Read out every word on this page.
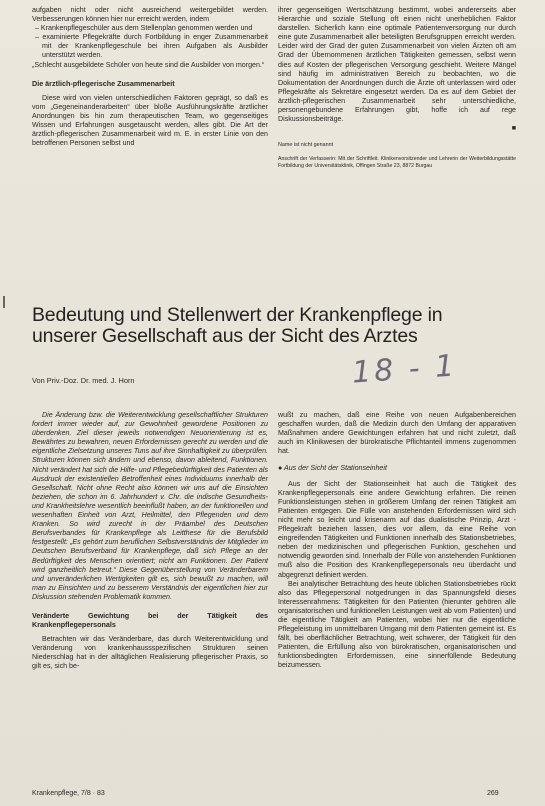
aufgaben nicht oder nicht ausreichend weitergebildet werden. Verbesserungen können hier nur erreicht werden, indem

– Krankenpflegeschüler aus dem Stellenplan genommen werden und

– examinierte Pflegekräfte durch Fortbildung in enger Zusammenarbeit mit der Krankenpflegeschule bei ihren Aufgaben als Ausbilder unterstützt werden.

„Schlecht ausgebildete Schüler von heute sind die Ausbilder von morgen.“

Die ärztlich-pflegerische Zusammenarbeit

Diese wird von vielen unterschiedlichen Faktoren geprägt, so daß es vom „Gegeneinanderarbeiten“ über bloße Ausführungskräfte ärztlicher Anordnungen bis hin zum therapeutischen Team, wo gegenseitiges Wissen und Erfahrungen ausgetauscht werden, alles gibt. Die Art der ärztlich-pflegerischen Zusammenarbeit wird m. E. in erster Linie von den betroffenen Personen selbst und

ihrer gegenseitigen Wertschätzung bestimmt, wobei andererseits aber Hierarchie und soziale Stellung oft einen nicht unerheblichen Faktor darstellen. Sicherlich kann eine optimale Patientenversorgung nur durch eine gute Zusammenarbeit aller beteiligten Berufsgruppen erreicht werden. Leider wird der Grad der guten Zusammenarbeit von vielen Ärzten oft am Grad der Übernommenen ärztlichen Tätigkeiten gemessen, selbst wenn dies auf Kosten der pflegerischen Versorgung geschieht. Weitere Mängel sind häufig im administrativen Bereich zu beobachten, wo die Dokumentation der Anordnungen durch die Ärzte oft unterlassen wird oder Pflegekräfte als Sekretäre eingesetzt werden. Da es auf dem Gebiet der ärztlich-pflegerischen Zusammenarbeit sehr unterschiedliche, personengebundene Erfahrungen gibt, hoffe ich auf rege Diskussionsbeiträge.

■

Name ist nicht genannt

Anschrift der Verfasserin: Mit der Schriftleit. Klinikenvorsitzender und Lehrerin der Weiterbildungsstätte Fortbildung der Universitätsklinik, Offingen Straße 23, 8872 Burgau

Bedeutung und Stellenwert der Krankenpflege in unserer Gesellschaft aus der Sicht des Arztes
Von Priv.-Doz. Dr. med. J. Horn	18 - 1

Die Änderung bzw. die Weiterentwicklung gesellschaftlicher Strukturen fordert immer wieder auf, zur Gewohnheit gewordene Positionen zu überdenken. Ziel dieser jeweils notwendigen Neuorientierung ist es, Bewährtes zu bewahren, neuen Erfordernissen gerecht zu werden und die eigentliche Zielsetzung unseres Tuns auf ihre Sinnhaftigkeit zu überprüfen. Strukturen können sich ändern und ebenso, davon ableitend, Funktionen. Nicht verändert hat sich die Hilfe- und Pflegebedürftigkeit des Patienten als Ausdruck der existentiellen Betroffenheit eines Individuums innerhalb der Gesellschaft. Nicht ohne Recht also können wir uns auf die Einsichten beziehen, die schon im 6. Jahrhundert v. Chr. die indische Gesundheits- und Krankheitslehre wesentlich beeinflußt haben, an der funktionellen und wesenhaften Einheit von Arzt, Heilmittel, den Pflegenden und dem Kranken. So wird zurecht in der Präambel des Deutschen Berufsverbandes für Krankenpflege als Leitthese für die Berufsbild festgestellt: „Es gehört zum beruflichen Selbstverständnis der Mitglieder im Deutschen Berufsverband für Krankenpflege, daß sich Pflege an der Bedürftigkeit des Menschen orientiert; nicht am Funktionen. Der Patient wird ganzheitlich betreut.“ Diese Gegenüberstellung von Veränderbarem und unveränderlichen Wertigkeiten gilt es, sich bewußt zu machen, will man zu Einsichten und zu besserem Verständnis der eigentlichen hier zur Diskussion stehenden Problematik kommen.

Veränderte Gewichtung bei der Tätigkeit des Krankenpflegepersonals

Betrachten wir das Veränderbare, das durch Weiterentwicklung und Veränderung von krankenhaussspezifischen Strukturen seinen Niederschlag hat in der alltäglichen Realisierung pflegerischer Praxis, so gilt es, sich be-

wußt zu machen, daß eine Reihe von neuen Aufgabenbereichen geschaffen wurden, daß die Medizin durch den Umfang der apparativen Maßnahmen andere Gewichtungen erfahren hat und nicht zuletzt, daß auch im Klinikwesen der bürokratische Pflichtanteil immens zugenommen hat.

● Aus der Sicht der Stationseinheit

Aus der Sicht der Stationseinheit hat auch die Tätigkeit des Krankenpflegepersonals eine andere Gewichtung erfahren. Die reinen Funktionsleistungen stehen in größerem Umfang der reinen Tätigkeit am Patienten entgegen. Die Fülle von anstehenden Erfordernissen wird sich nicht mehr so leicht und krisenarm auf das dualistische Prinzip, Arzt - Pflegekraft beziehen lassen, dies vor allem, da eine Reihe von eingreifenden Tätigkeiten und Funktionen innerhalb des Stationsbetriebes, neben der medizinischen und pflegerischen Funktion, geschehen und notwendig geworden sind. Innerhalb der Fülle von anstehenden Funktionen muß also die Position des Krankenpflegepersonals neu überdacht und abgegrenzt definiert werden.

Bei analytischer Betrachtung des heute üblichen Stationsbetriebes rückt also das Pflegepersonal notgedrungen in das Spannungsfeld dieses Interessenrahmens: Tätigkeiten für den Patienten (hierunter gehören alle organisatorischen und funktionellen Leistungen weit ab vom Patienten) und die eigentliche Tätigkeit am Patienten, wobei hier nur die eigentliche Pflegeleistung im unmittelbaren Umgang mit dem Patienten gemeint ist. Es fällt, bei oberflächlicher Betrachtung, weit schwerer, der Tätigkeit für den Patienten, die Erfüllung also von bürokratischen, organisatorischen und funktionsbedingten Erfordernissen, eine sinnerfüllende Bedeutung beizumessen.

Krankenpflege, 7/8 · 83	269
